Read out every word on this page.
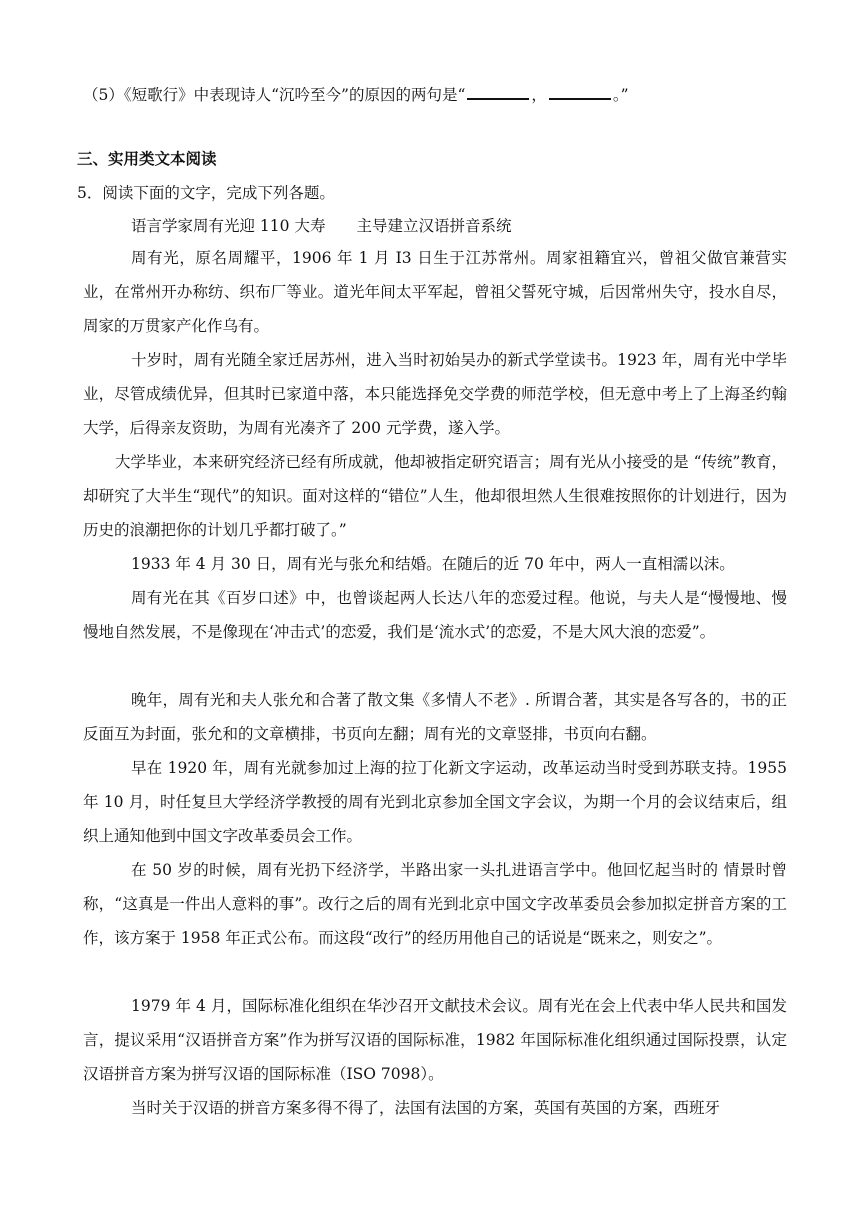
（5）《短歌行》中表现诗人“沉吟至今”的原因的两句是“	，	。”
三、实用类文本阅读
5．阅读下面的文字，完成下列各题。
语言学家周有光迎 110 大寿　　主导建立汉语拼音系统
周有光，原名周耀平，1906 年 1 月 I3 日生于江苏常州。周家祖籍宜兴，曾祖父做官兼营实业，在常州开办称纺、织布厂等业。道光年间太平军起，曾祖父誓死守城，后因常州失守，投水自尽，周家的万贯家产化作乌有。
十岁时，周有光随全家迁居苏州，进入当时初始吴办的新式学堂读书。1923 年，周有光中学毕业，尽管成绩优异，但其时已家道中落，本只能选择免交学费的师范学校，但无意中考上了上海圣约翰大学，后得亲友资助，为周有光凑齐了 200 元学费，遂入学。
大学毕业，本来研究经济已经有所成就，他却被指定研究语言；周有光从小接受的是 “传统”教育，却研究了大半生“现代”的知识。面对这样的“错位”人生，他却很坦然人生很难按照你的计划进行，因为历史的浪潮把你的计划几乎都打破了。”
1933 年 4 月 30 日，周有光与张允和结婚。在随后的近 70 年中，两人一直相濡以沫。
周有光在其《百岁口述》中，也曾谈起两人长达八年的恋爱过程。他说，与夫人是“慢慢地、慢慢地自然发展，不是像现在‘冲击式’的恋爱，我们是‘流水式’的恋爱，不是大风大浪的恋爱”。
晚年，周有光和夫人张允和合著了散文集《多情人不老》. 所谓合著，其实是各写各的，书的正反面互为封面，张允和的文章横排，书页向左翻；周有光的文章竖排，书页向右翻。
早在 1920 年，周有光就参加过上海的拉丁化新文字运动，改革运动当时受到苏联支持。1955 年 10 月，时任复旦大学经济学教授的周有光到北京参加全国文字会议，为期一个月的会议结束后，组织上通知他到中国文字改革委员会工作。
在 50 岁的时候，周有光扔下经济学，半路出家一头扎进语言学中。他回忆起当时的 情景时曾称，“这真是一件出人意料的事”。改行之后的周有光到北京中国文字改革委员会参加拟定拼音方案的工作，该方案于 1958 年正式公布。而这段“改行”的经历用他自己的话说是“既来之，则安之”。
1979 年 4 月，国际标准化组织在华沙召开文献技术会议。周有光在会上代表中华人民共和国发言，提议采用“汉语拼音方案”作为拼写汉语的国际标准，1982 年国际标准化组织通过国际投票，认定汉语拼音方案为拼写汉语的国际标准（ISO 7098）。
当时关于汉语的拼音方案多得不得了，法国有法国的方案，英国有英国的方案，西班牙
